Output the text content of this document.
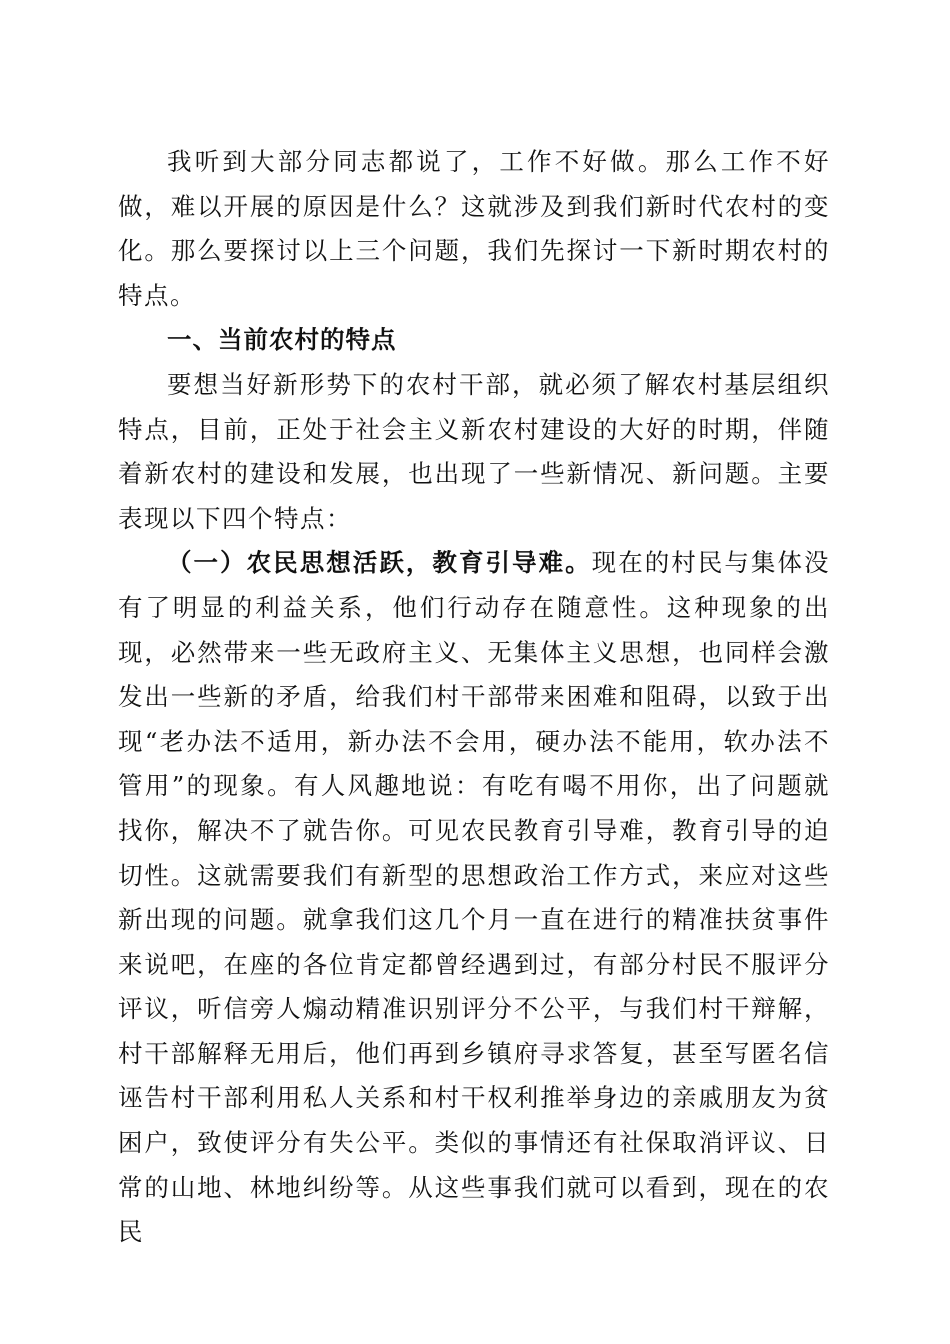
我听到大部分同志都说了，工作不好做。那么工作不好做，难以开展的原因是什么？这就涉及到我们新时代农村的变化。那么要探讨以上三个问题，我们先探讨一下新时期农村的特点。

一、当前农村的特点

要想当好新形势下的农村干部，就必须了解农村基层组织特点，目前，正处于社会主义新农村建设的大好的时期，伴随着新农村的建设和发展，也出现了一些新情况、新问题。主要表现以下四个特点：

（一）农民思想活跃，教育引导难。现在的村民与集体没有了明显的利益关系，他们行动存在随意性。这种现象的出现，必然带来一些无政府主义、无集体主义思想，也同样会激发出一些新的矛盾，给我们村干部带来困难和阻碍，以致于出现“老办法不适用，新办法不会用，硬办法不能用，软办法不管用”的现象。有人风趣地说：有吃有喝不用你，出了问题就找你，解决不了就告你。可见农民教育引导难，教育引导的迫切性。这就需要我们有新型的思想政治工作方式，来应对这些新出现的问题。就拿我们这几个月一直在进行的精准扶贫事件来说吧，在座的各位肯定都曾经遇到过，有部分村民不服评分评议，听信旁人煽动精准识别评分不公平，与我们村干辩解，村干部解释无用后，他们再到乡镇府寻求答复，甚至写匿名信诬告村干部利用私人关系和村干权利推举身边的亲戚朋友为贫困户，致使评分有失公平。类似的事情还有社保取消评议、日常的山地、林地纠纷等。从这些事我们就可以看到，现在的农民
